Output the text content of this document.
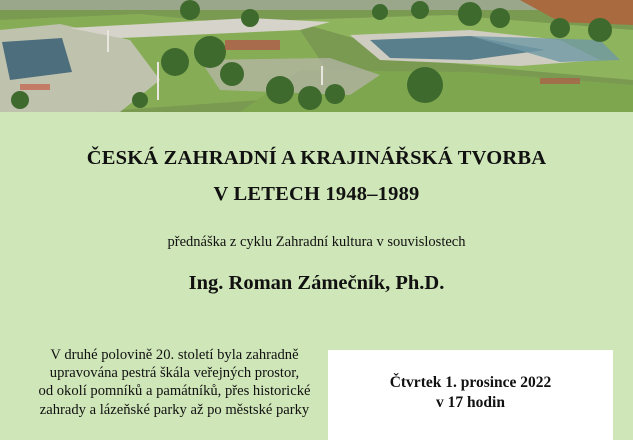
ČESKÁ ZAHRADNÍ A KRAJINÁŘSKÁ TVORBA
V LETECH 1948–1989

přednáška z cyklu Zahradní kultura v souvislostech

Ing. Roman Zámečník, Ph.D.

V druhé polovině 20. století byla zahradně
upravována pestrá škála veřejných prostor,
od okolí pomníků a památníků, přes historické
zahrady a lázeňské parky až po městské parky

Čtvrtek 1. prosince 2022

v 17 hodin
